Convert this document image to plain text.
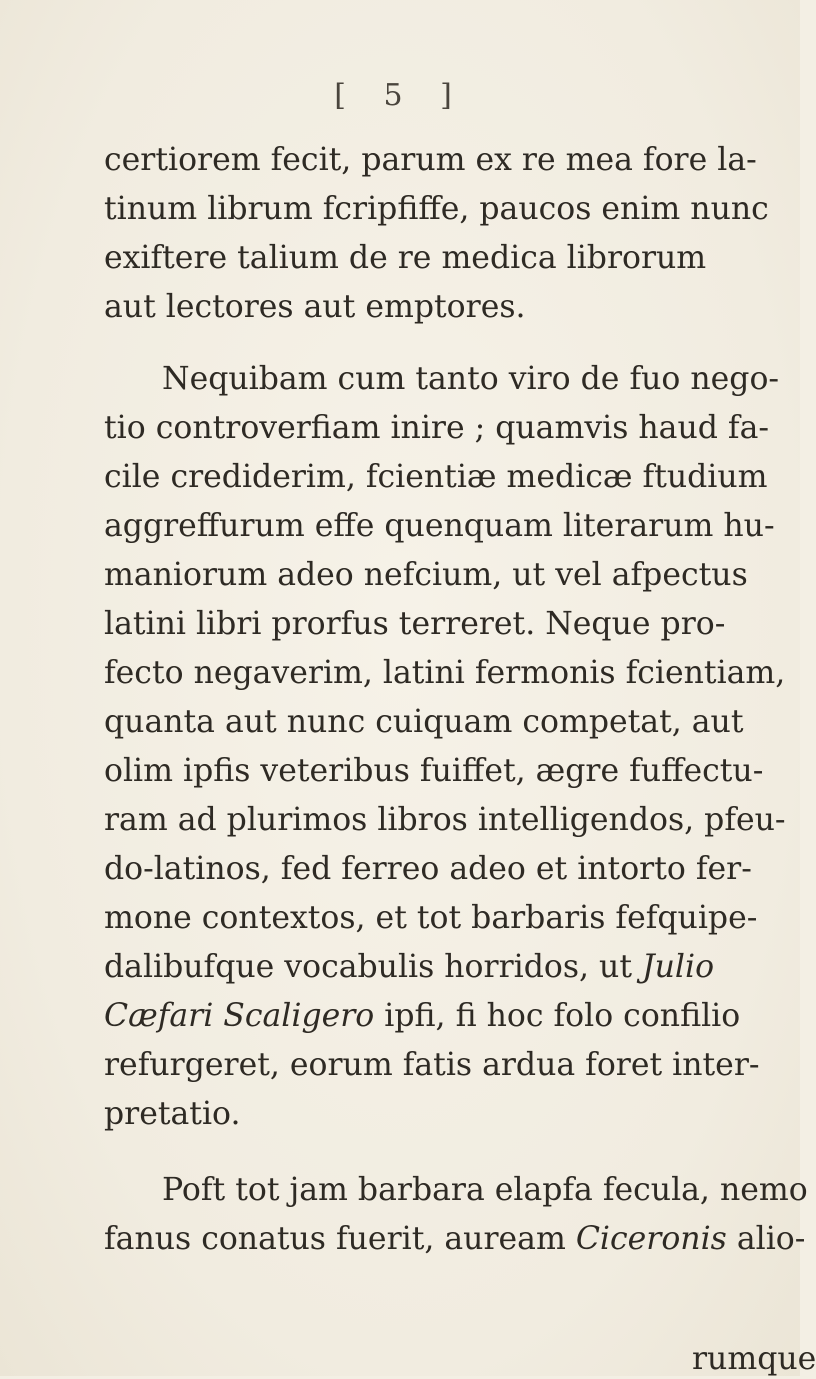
[ 5 ]
certiorem fecit, parum ex re mea fore la-
tinum librum fcripfiffe, paucos enim nunc
exiftere talium de re medica librorum
aut lectores aut emptores.
Nequibam cum tanto viro de fuo nego-
tio controverfiam inire ; quamvis haud fa-
cile crediderim, fcientiæ medicæ ftudium
aggreffurum effe quenquam literarum hu-
maniorum adeo nefcium, ut vel afpectus
latini libri prorfus terreret. Neque pro-
fecto negaverim, latini fermonis fcientiam,
quanta aut nunc cuiquam competat, aut
olim ipfis veteribus fuiffet, ægre fuffectu-
ram ad plurimos libros intelligendos, pfeu-
do-latinos, fed ferreo adeo et intorto fer-
mone contextos, et tot barbaris fefquipe-
dalibufque vocabulis horridos, ut Julio
Cæfari Scaligero ipfi, fi hoc folo confilio
refurgeret, eorum fatis ardua foret inter-
pretatio.
Poft tot jam barbara elapfa fecula, nemo
fanus conatus fuerit, auream Ciceronis alio-
rumque
